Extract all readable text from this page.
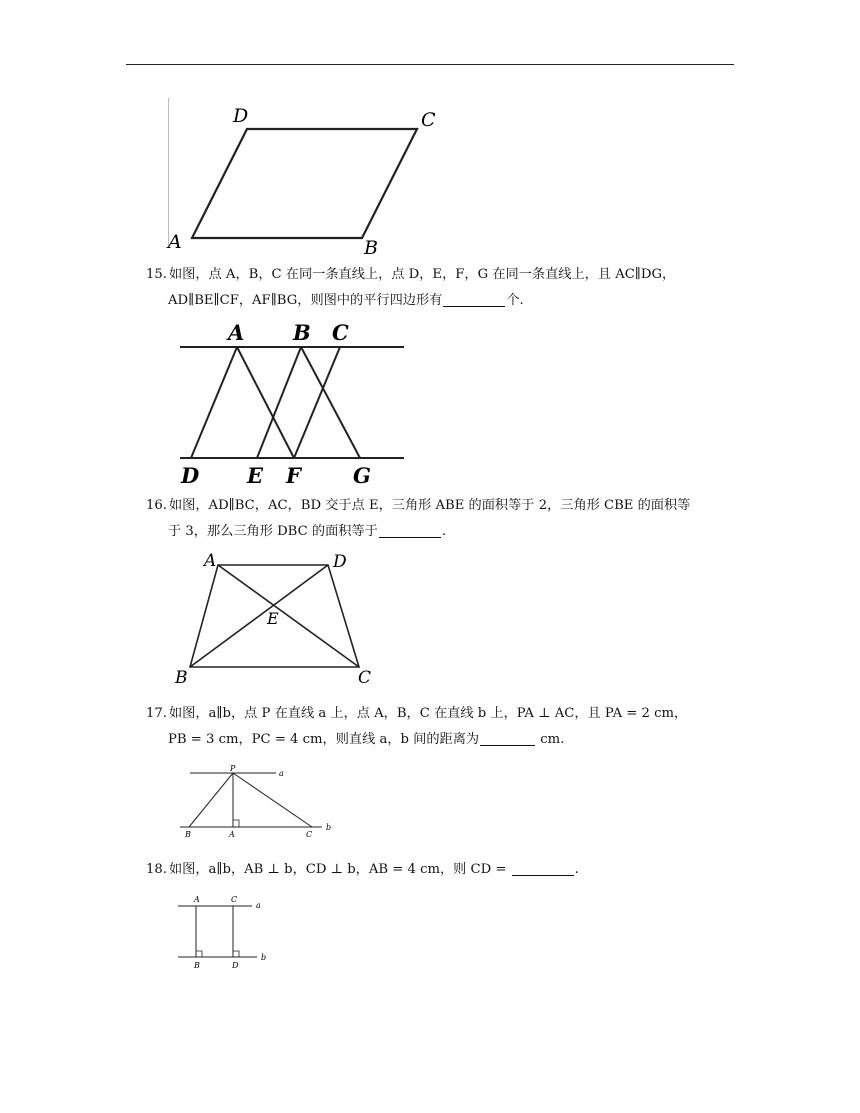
A	B
C
D
15. 如图，点 A，B，C 在同一条直线上，点 D，E，F，G 在同一条直线上，且 AC∥DG，
AD∥BE∥CF，AF∥BG，则图中的平行四边形有	个.
A B C
D E F G
16. 如图，AD∥BC，AC，BD 交于点 E，三角形 ABE 的面积等于 2，三角形 CBE 的面积等
于 3，那么三角形 DBC 的面积等于	.
A	D
E
B	C
17. 如图，a∥b，点 P 在直线 a 上，点 A，B，C 在直线 b 上，PA ⊥ AC，且 PA = 2 cm，
PB = 3 cm，PC = 4 cm，则直线 a，b 间的距离为	cm.
P
a
B	A	C
b
18. 如图，a∥b，AB ⊥ b，CD ⊥ b，AB = 4 cm，则 CD =	.
A	C
a
B	D
b
